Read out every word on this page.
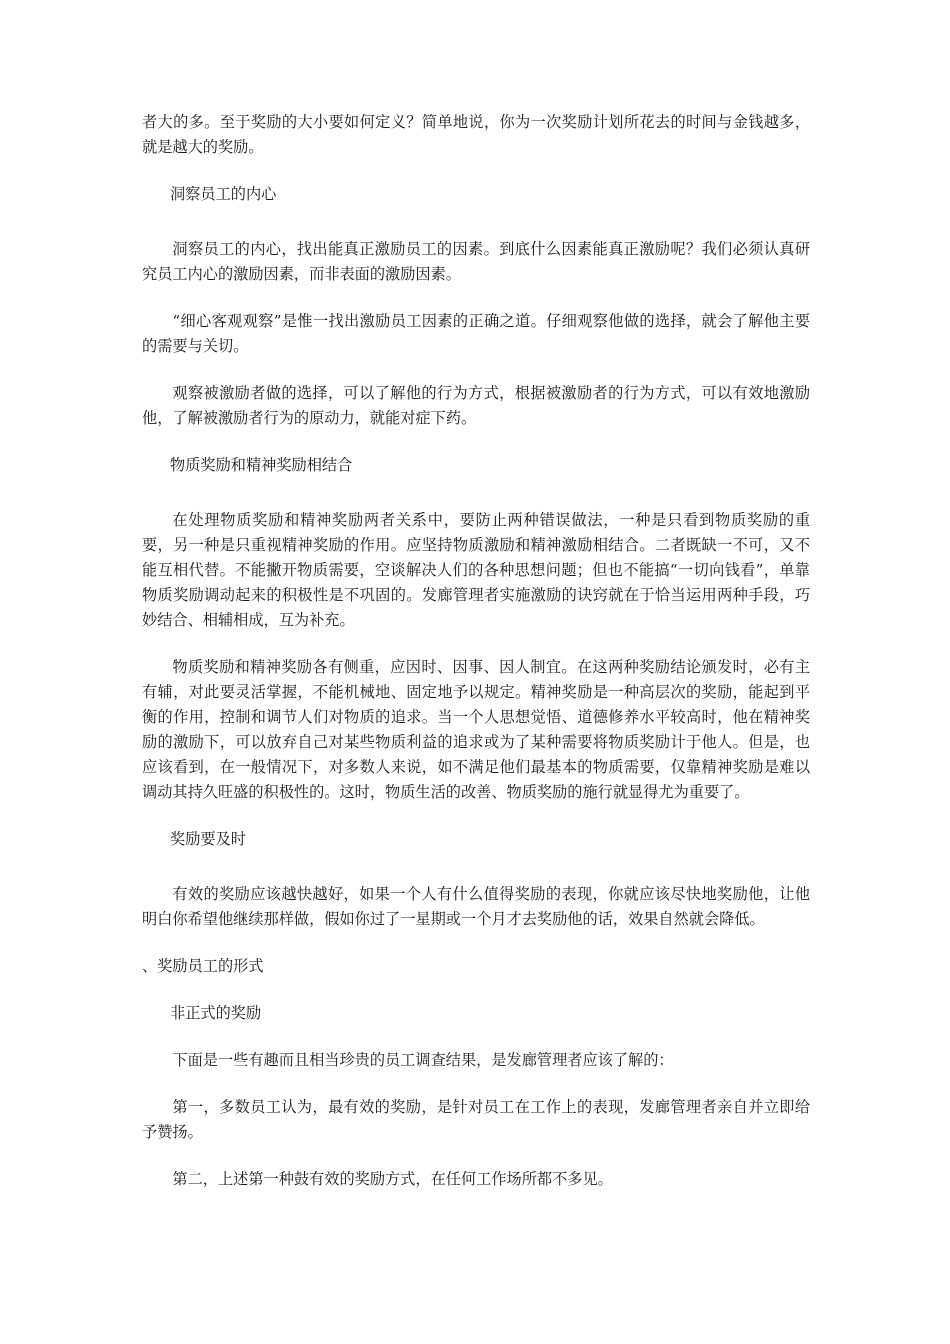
者大的多。至于奖励的大小要如何定义？简单地说，你为一次奖励计划所花去的时间与金钱越多，就是越大的奖励。

洞察员工的内心

洞察员工的内心，找出能真正激励员工的因素。到底什么因素能真正激励呢？我们必须认真研究员工内心的激励因素，而非表面的激励因素。

“细心客观观察”是惟一找出激励员工因素的正确之道。仔细观察他做的选择，就会了解他主要的需要与关切。

观察被激励者做的选择，可以了解他的行为方式，根据被激励者的行为方式，可以有效地激励他，了解被激励者行为的原动力，就能对症下药。

物质奖励和精神奖励相结合

在处理物质奖励和精神奖励两者关系中，要防止两种错误做法，一种是只看到物质奖励的重要，另一种是只重视精神奖励的作用。应坚持物质激励和精神激励相结合。二者既缺一不可，又不能互相代替。不能撇开物质需要，空谈解决人们的各种思想问题；但也不能搞“一切向钱看”，单靠物质奖励调动起来的积极性是不巩固的。发廊管理者实施激励的诀窍就在于恰当运用两种手段，巧妙结合、相辅相成，互为补充。

物质奖励和精神奖励各有侧重，应因时、因事、因人制宜。在这两种奖励结论颁发时，必有主有辅，对此要灵活掌握，不能机械地、固定地予以规定。精神奖励是一种高层次的奖励，能起到平衡的作用，控制和调节人们对物质的追求。当一个人思想觉悟、道德修养水平较高时，他在精神奖励的激励下，可以放弃自己对某些物质利益的追求或为了某种需要将物质奖励计于他人。但是，也应该看到，在一般情况下，对多数人来说，如不满足他们最基本的物质需要，仅靠精神奖励是难以调动其持久旺盛的积极性的。这时，物质生活的改善、物质奖励的施行就显得尤为重要了。

奖励要及时

有效的奖励应该越快越好，如果一个人有什么值得奖励的表现，你就应该尽快地奖励他，让他明白你希望他继续那样做，假如你过了一星期或一个月才去奖励他的话，效果自然就会降低。

、奖励员工的形式

非正式的奖励

下面是一些有趣而且相当珍贵的员工调查结果，是发廊管理者应该了解的：

第一，多数员工认为，最有效的奖励，是针对员工在工作上的表现，发廊管理者亲自并立即给予赞扬。

第二，上述第一种鼓有效的奖励方式，在任何工作场所都不多见。
